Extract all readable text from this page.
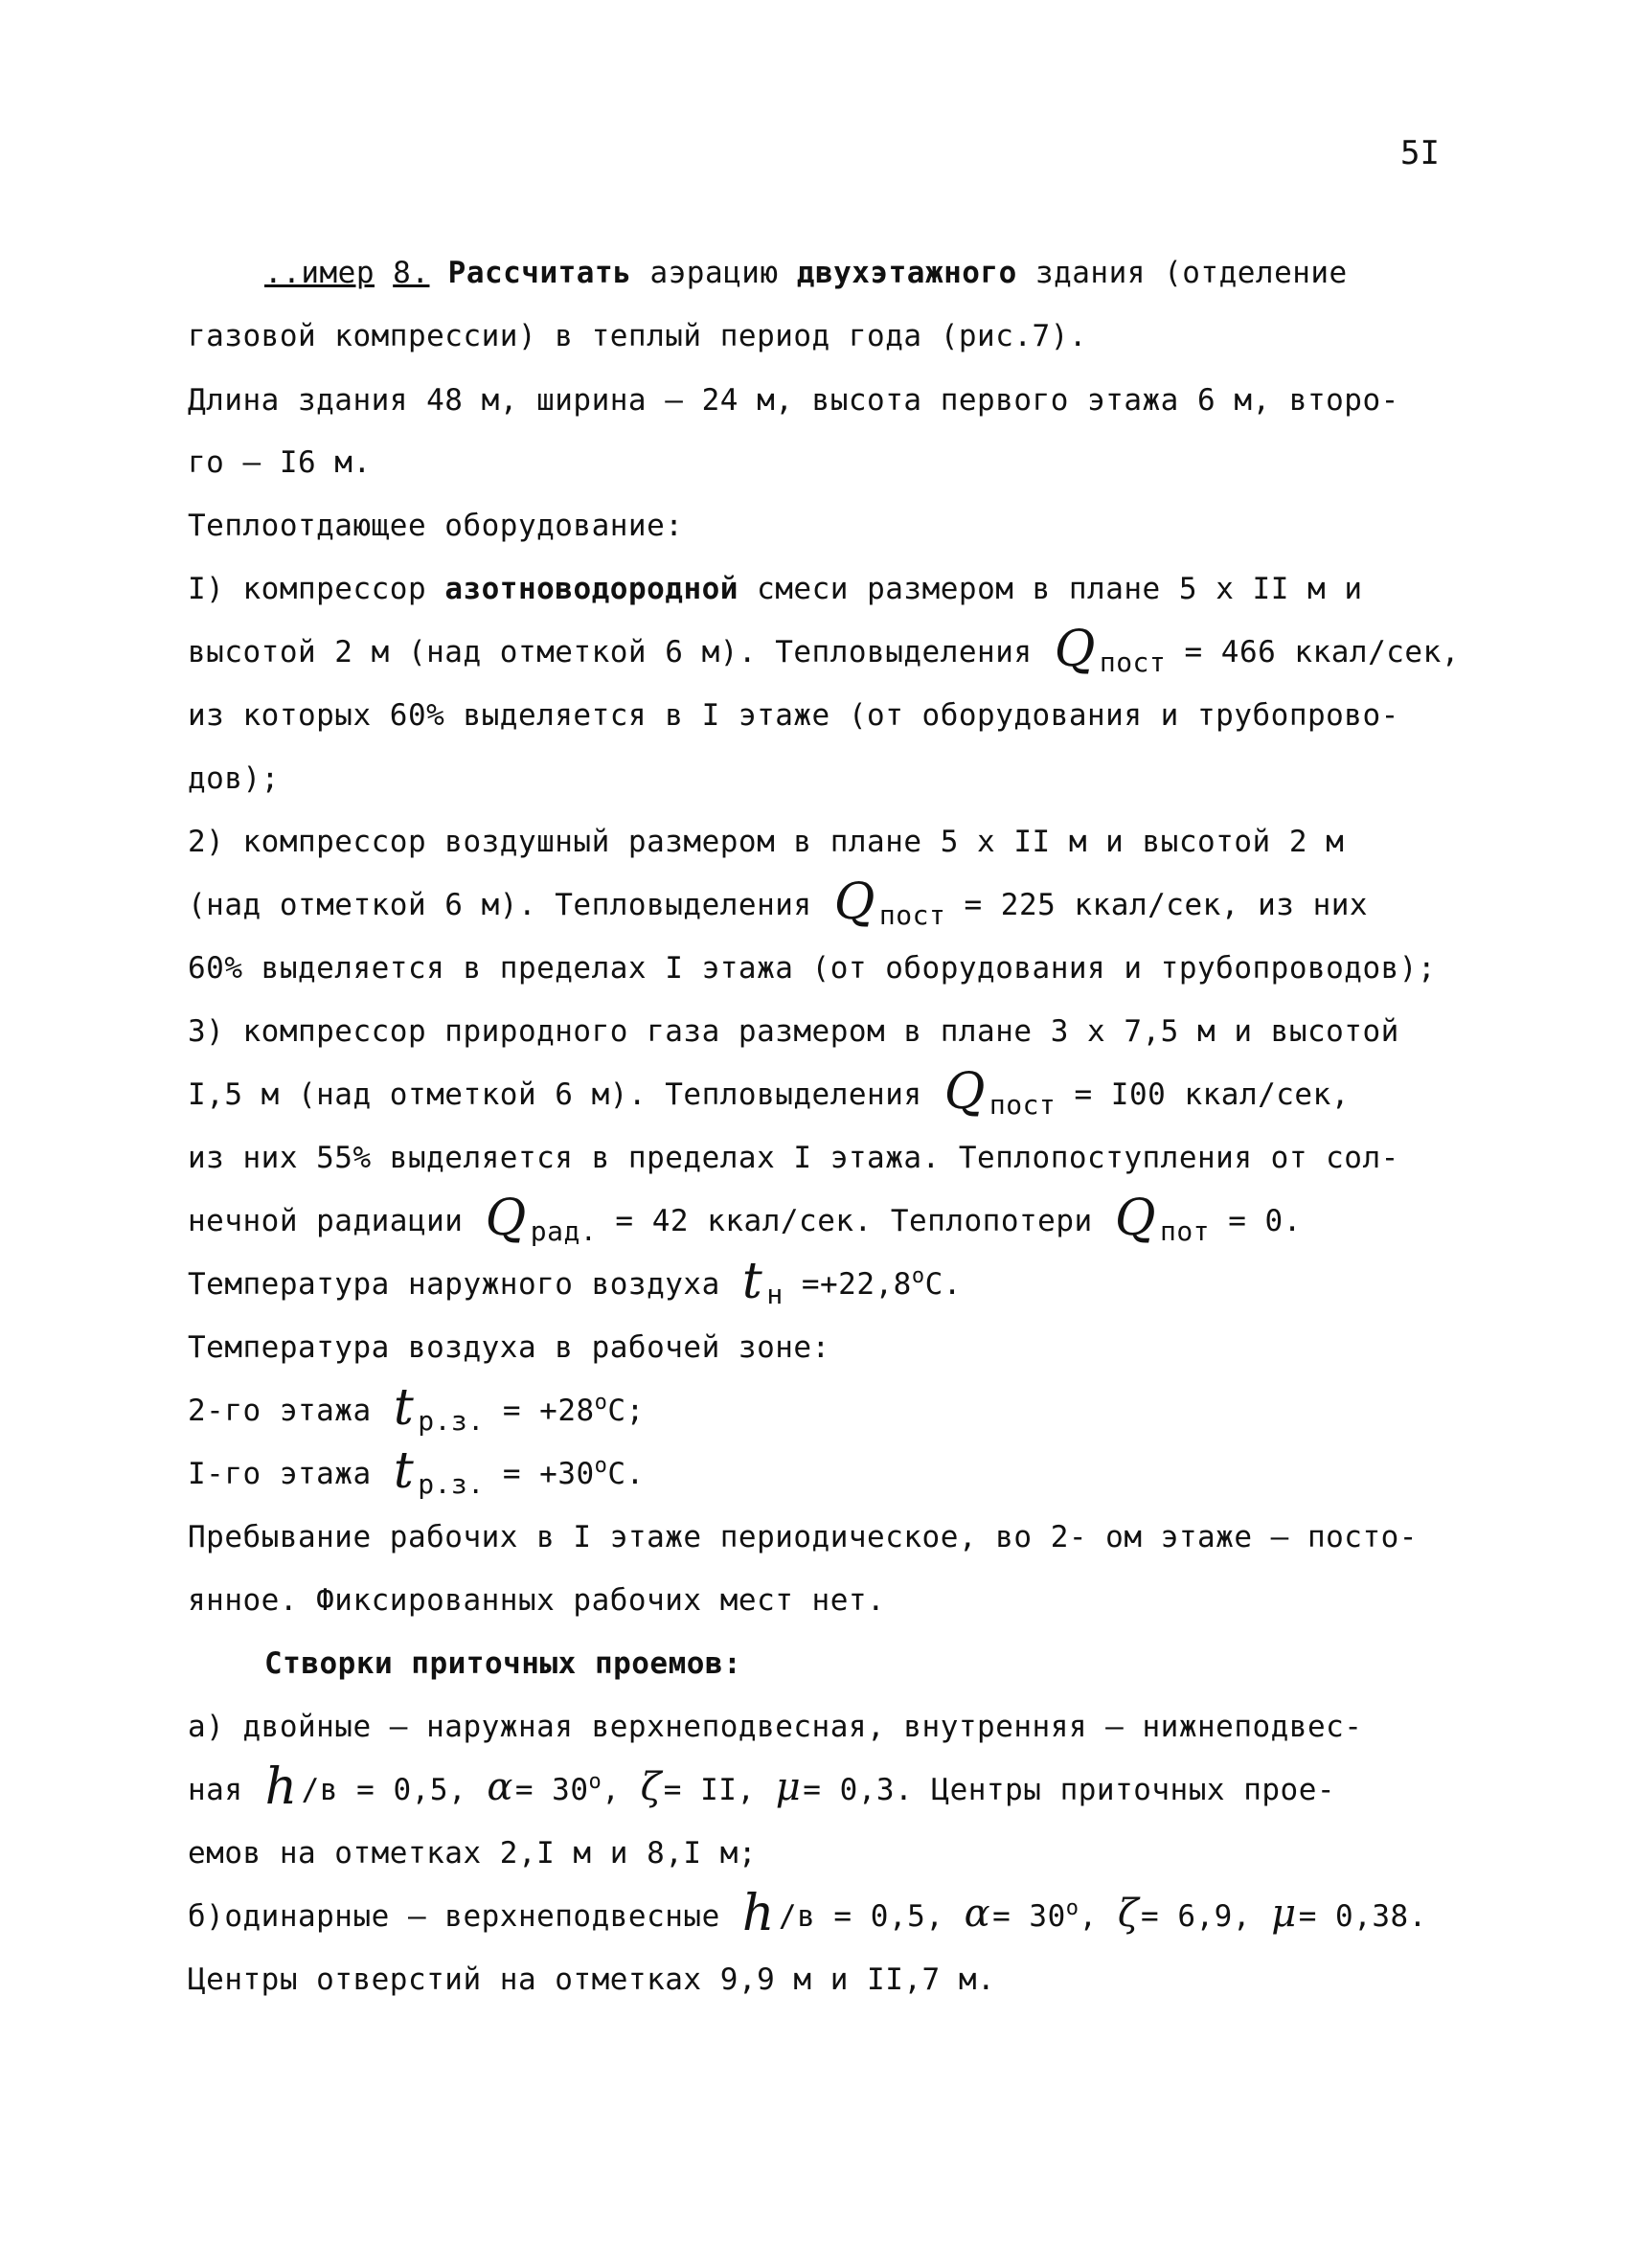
5I
..имер 8. Рассчитать аэрацию двухэтажного здания (отделение
газовой компрессии) в теплый период года (рис.7).
Длина здания 48 м, ширина – 24 м, высота первого этажа 6 м, второ-
го – I6 м.
Теплоотдающее оборудование:
I) компрессор азотноводородной смеси размером в плане 5 x II м и
высотой 2 м (над отметкой 6 м). Тепловыделения Q $_{пост}$ = 466 ккал/сек,
из которых 60% выделяется в I этаже (от оборудования и трубопрово-
дов);
2) компрессор воздушный размером в плане 5 x II м и высотой 2 м
(над отметкой 6 м). Тепловыделения Q $_{пост}$ = 225 ккал/сек, из них
60% выделяется в пределах I этажа (от оборудования и трубопроводов);
3) компрессор природного газа размером в плане 3 x 7,5 м и высотой
I,5 м (над отметкой 6 м). Тепловыделения Q $_{пост}$ = I00 ккал/сек,
из них 55% выделяется в пределах I этажа. Теплопоступления от сол-
нечной радиации Q $_{рад.}$ = 42 ккал/сек. Теплопотери Q $_{пот}$ = 0.
Температура наружного воздуха t $_н =+22,8^oC$.
Температура воздуха в рабочей зоне:
2-го этажа t $_{р.з.} = +28^oC$;
I-го этажа t $_{р.з.} = +30^oC$.
Пребывание рабочих в I этаже периодическое, во 2- ом этаже – посто-
янное. Фиксированных рабочих мест нет.
Створки приточных проемов:
а) двойные – наружная верхнеподвесная, внутренняя – нижнеподвес-
ная h /в = 0,5, $\alpha= 30^o$, ζ= II, μ= 0,3. Центры приточных прое-
емов на отметках 2,I м и 8,I м;
б)одинарные – верхнеподвесные h /в = 0,5, $\alpha= 30^o$, ζ= 6,9, μ= 0,38.
Центры отверстий на отметках 9,9 м и II,7 м.
